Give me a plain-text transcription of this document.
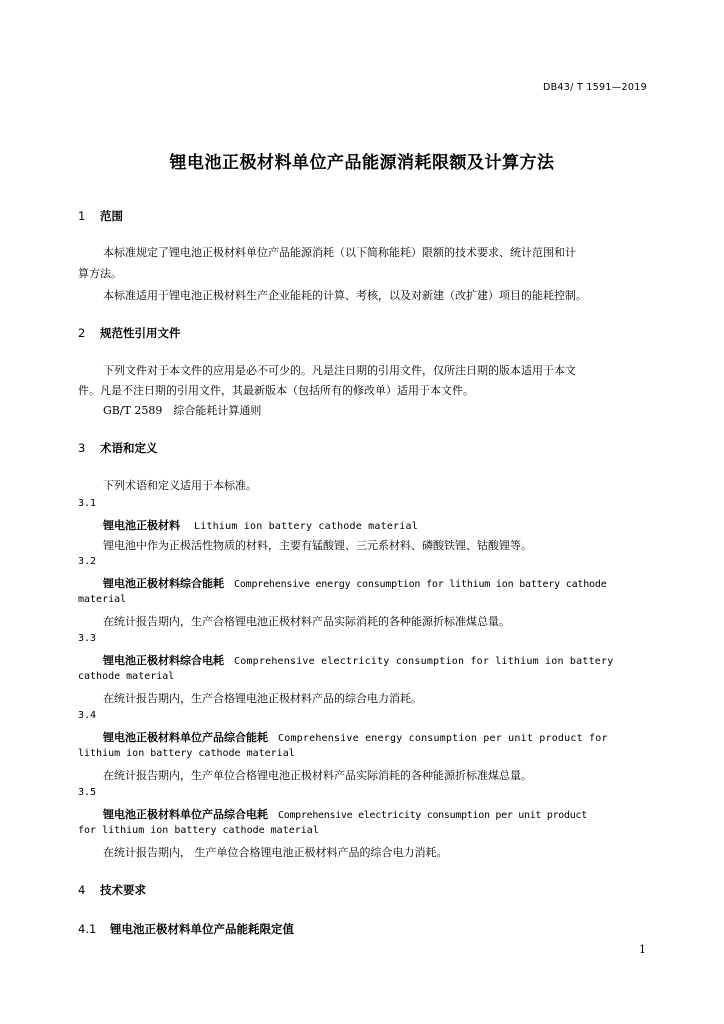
DB43/ T 1591—2019
锂电池正极材料单位产品能源消耗限额及计算方法
1 范围
本标准规定了锂电池正极材料单位产品能源消耗（以下简称能耗）限额的技术要求、统计范围和计
算方法。
本标准适用于锂电池正极材料生产企业能耗的计算、考核，以及对新建（改扩建）项目的能耗控制。
2 规范性引用文件
下列文件对于本文件的应用是必不可少的。凡是注日期的引用文件，仅所注日期的版本适用于本文
件。凡是不注日期的引用文件，其最新版本（包括所有的修改单）适用于本文件。
GB/T 2589　综合能耗计算通则
3 术语和定义
下列术语和定义适用于本标准。
3.1
锂电池正极材料 Lithium ion battery cathode material
锂电池中作为正极活性物质的材料，主要有锰酸锂、三元系材料、磷酸铁锂、钴酸锂等。
3.2
锂电池正极材料综合能耗 Comprehensive energy consumption for lithium ion battery cathode
material
在统计报告期内，生产合格锂电池正极材料产品实际消耗的各种能源折标准煤总量。
3.3
锂电池正极材料综合电耗 Comprehensive electricity consumption for lithium ion battery
cathode material
在统计报告期内，生产合格锂电池正极材料产品的综合电力消耗。
3.4
锂电池正极材料单位产品综合能耗 Comprehensive energy consumption per unit product for
lithium ion battery cathode material
在统计报告期内，生产单位合格锂电池正极材料产品实际消耗的各种能源折标准煤总量。
3.5
锂电池正极材料单位产品综合电耗 Comprehensive electricity consumption per unit product
for lithium ion battery cathode material
在统计报告期内， 生产单位合格锂电池正极材料产品的综合电力消耗。
4 技术要求
4.1 锂电池正极材料单位产品能耗限定值
1
